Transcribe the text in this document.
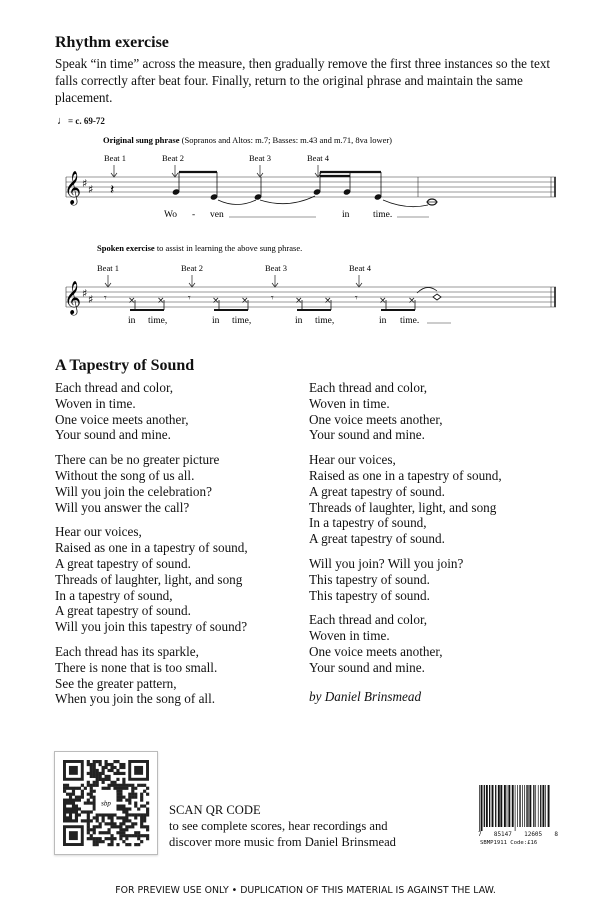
Rhythm exercise
Speak “in time” across the measure, then gradually remove the first three instances so the text falls correctly after beat four. Finally, return to the original phrase and maintain the same placement.
♩= c. 69-72
Original sung phrase (Sopranos and Altos: m.7; Basses: m.43 and m.71, 8va lower)
Beat 1	Beat 2	Beat 3	Beat 4
𝄞 ♯ ♯ 𝄽
Wo - ven	in time.
Spoken exercise to assist in learning the above sung phrase.
Beat 1	Beat 2	Beat 3	Beat 4
𝄞 ♯ ♯ 𝄾	𝄾	𝄾	𝄾
× ×	× ×	× ×	× ×
in time,	in time,	in time,	in time.
A Tapestry of Sound
Each thread and color,
Woven in time.
One voice meets another,
Your sound and mine.
There can be no greater picture
Without the song of us all.
Will you join the celebration?
Will you answer the call?
Hear our voices,
Raised as one in a tapestry of sound,
A great tapestry of sound.
Threads of laughter, light, and song
In a tapestry of sound,
A great tapestry of sound.
Will you join this tapestry of sound?
Each thread has its sparkle,
There is none that is too small.
See the greater pattern,
When you join the song of all.
Each thread and color,
Woven in time.
One voice meets another,
Your sound and mine.
Hear our voices,
Raised as one in a tapestry of sound,
A great tapestry of sound.
Threads of laughter, light, and song
In a tapestry of sound,
A great tapestry of sound.
Will you join? Will you join?
This tapestry of sound.
This tapestry of sound.
Each thread and color,
Woven in time.
One voice meets another,
Your sound and mine.
by Daniel Brinsmead
sbp	SCAN QR CODE
to see complete scores, hear recordings and
discover more music from Daniel Brinsmead
7 85147 12605 8
SBMP1911 Code:£16
FOR PREVIEW USE ONLY • DUPLICATION OF THIS MATERIAL IS AGAINST THE LAW.
